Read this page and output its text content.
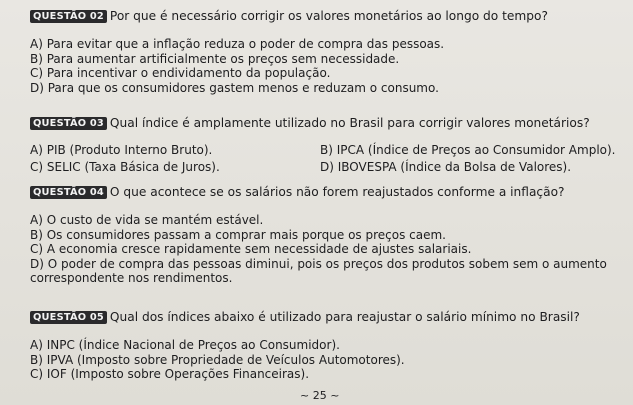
QUESTÃO 02 Por que é necessário corrigir os valores monetários ao longo do tempo?
A) Para evitar que a inflação reduza o poder de compra das pessoas.
B) Para aumentar artificialmente os preços sem necessidade.
C) Para incentivar o endividamento da população.
D) Para que os consumidores gastem menos e reduzam o consumo.
QUESTÃO 03 Qual índice é amplamente utilizado no Brasil para corrigir valores monetários?
A) PIB (Produto Interno Bruto).	B) IPCA (Índice de Preços ao Consumidor Amplo).
C) SELIC (Taxa Básica de Juros).	D) IBOVESPA (Índice da Bolsa de Valores).
QUESTÃO 04 O que acontece se os salários não forem reajustados conforme a inflação?
A) O custo de vida se mantém estável.
B) Os consumidores passam a comprar mais porque os preços caem.
C) A economia cresce rapidamente sem necessidade de ajustes salariais.
D) O poder de compra das pessoas diminui, pois os preços dos produtos sobem sem o aumento correspondente nos rendimentos.
QUESTÃO 05 Qual dos índices abaixo é utilizado para reajustar o salário mínimo no Brasil?
A) INPC (Índice Nacional de Preços ao Consumidor).
B) IPVA (Imposto sobre Propriedade de Veículos Automotores).
C) IOF (Imposto sobre Operações Financeiras).
~ 25 ~
